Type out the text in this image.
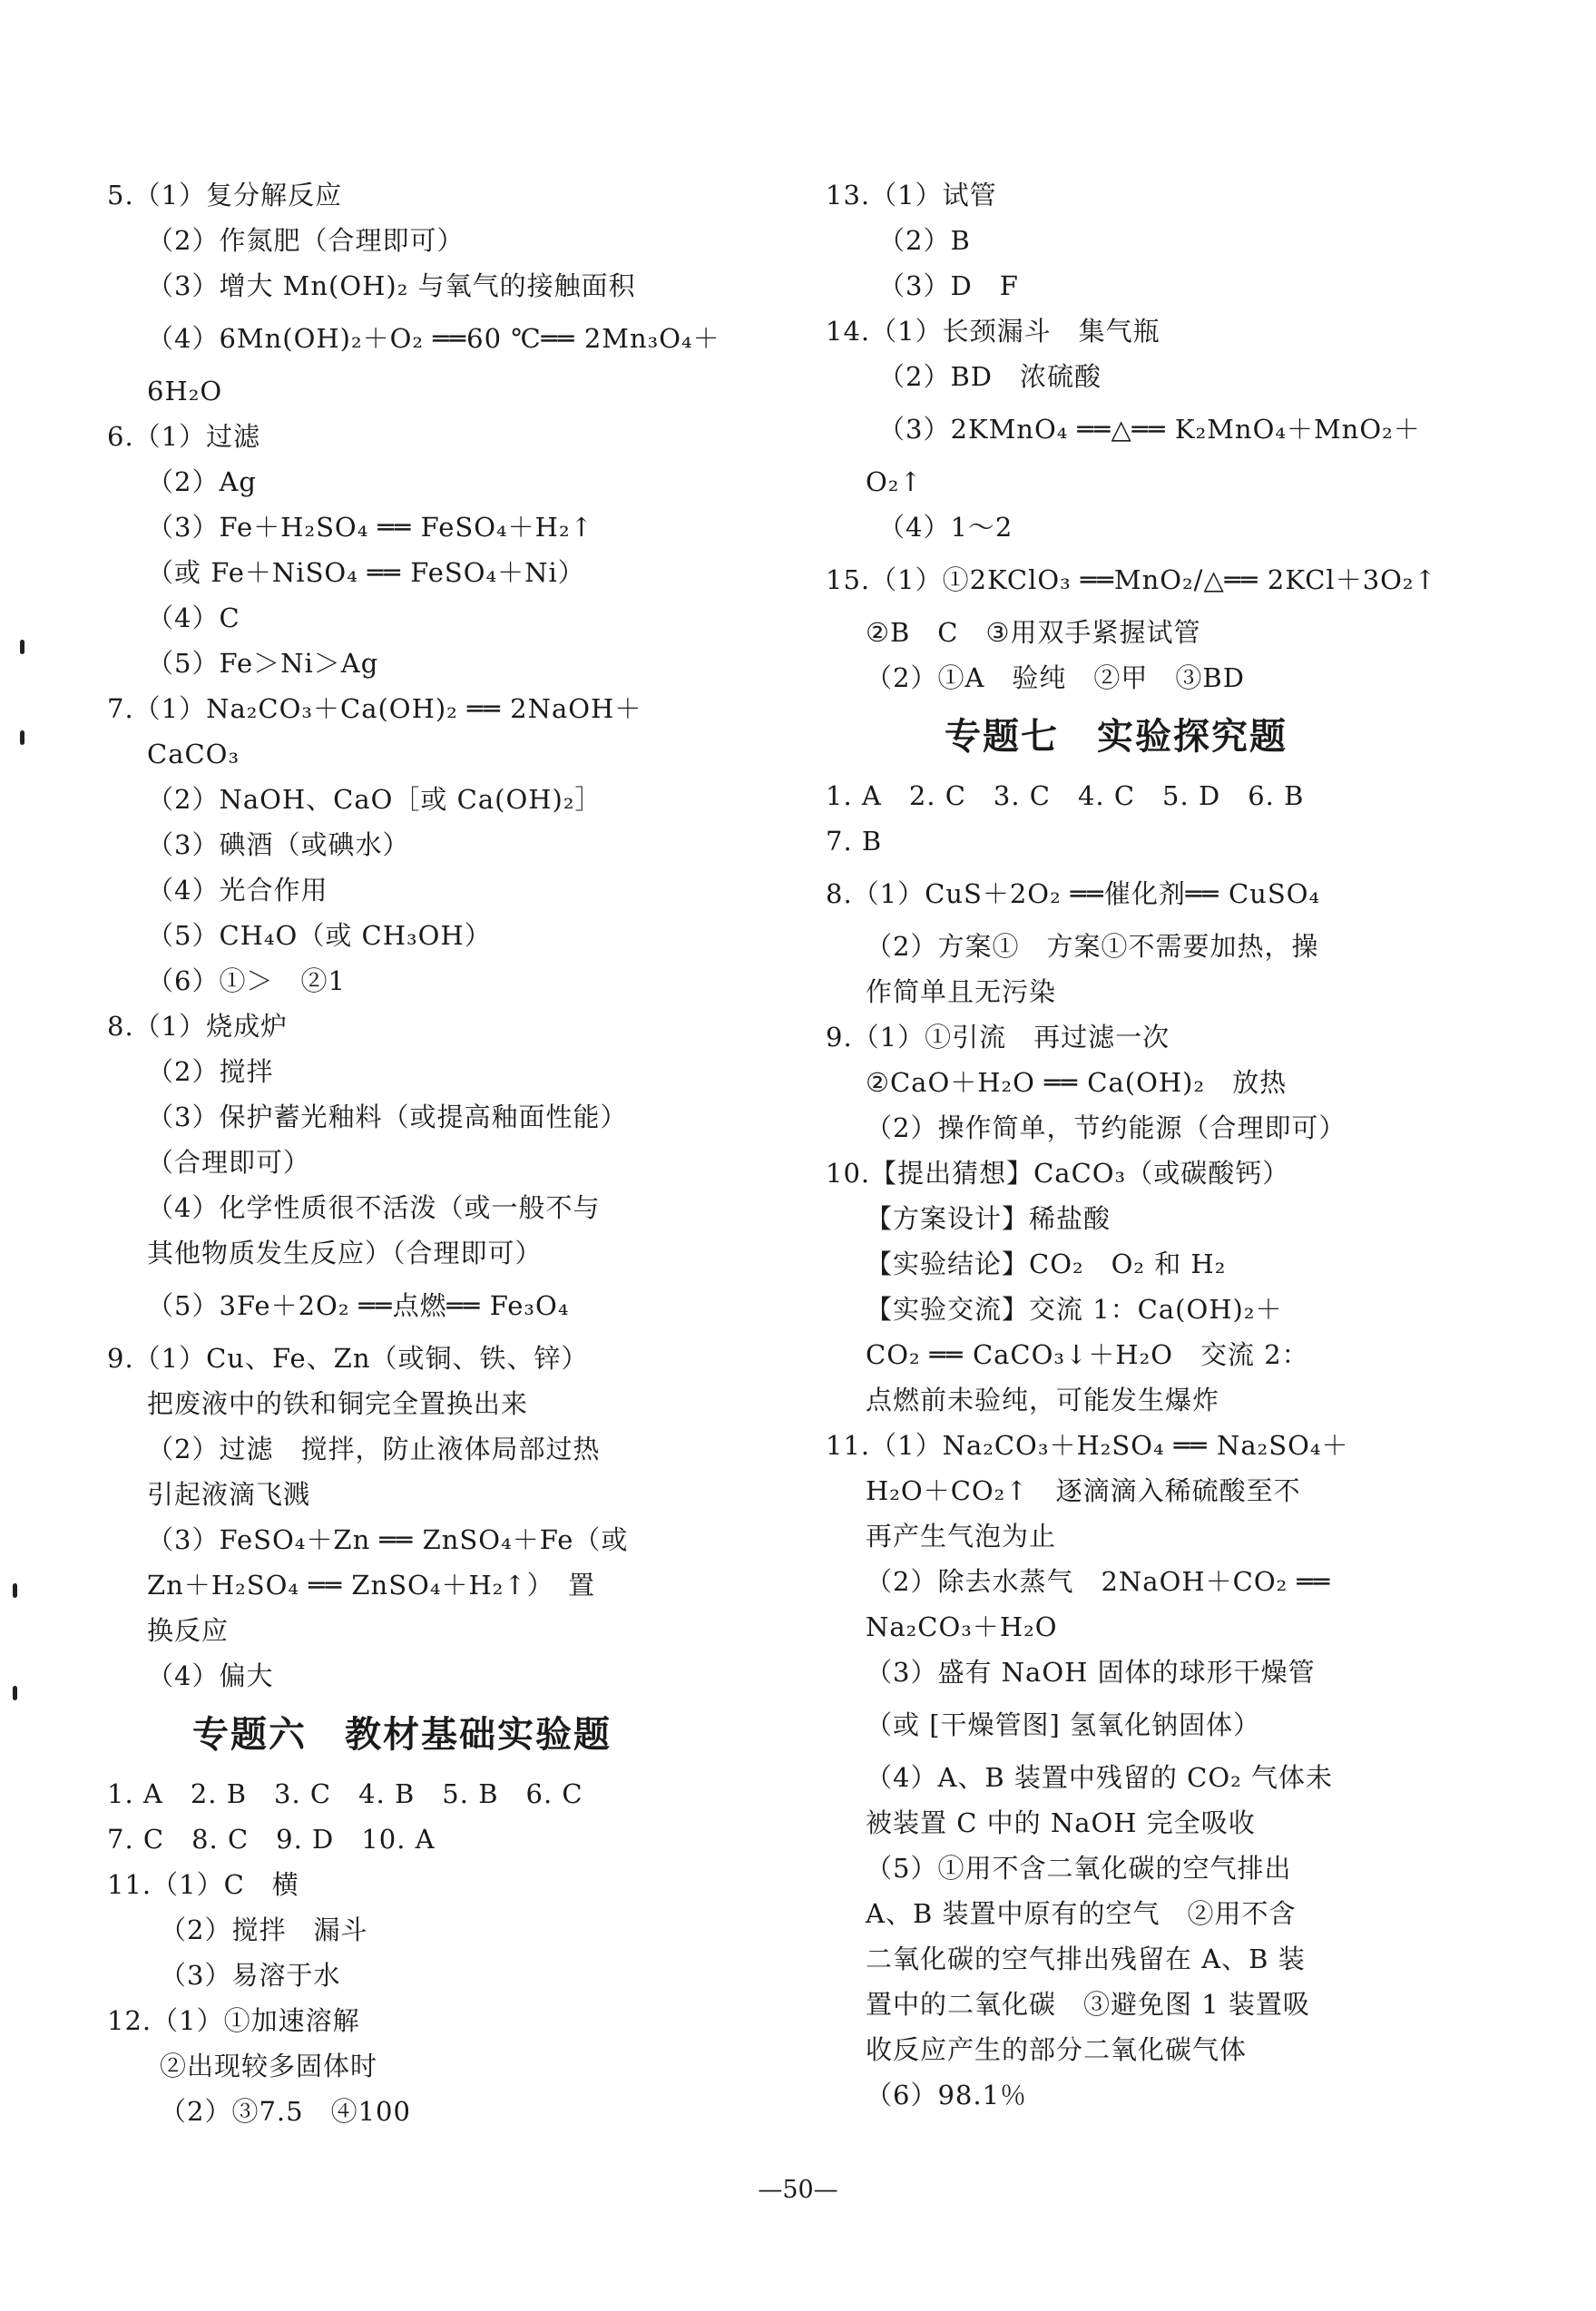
5.（1）复分解反应
（2）作氮肥（合理即可）
（3）增大 Mn(OH)₂ 与氧气的接触面积
（4）6Mn(OH)₂＋O₂ ══60 ℃══ 2Mn₃O₄＋
6H₂O
6.（1）过滤
（2）Ag
（3）Fe＋H₂SO₄ ══ FeSO₄＋H₂↑
（或 Fe＋NiSO₄ ══ FeSO₄＋Ni）
（4）C
（5）Fe＞Ni＞Ag
7.（1）Na₂CO₃＋Ca(OH)₂ ══ 2NaOH＋
CaCO₃
（2）NaOH、CaO［或 Ca(OH)₂］
（3）碘酒（或碘水）
（4）光合作用
（5）CH₄O（或 CH₃OH）
（6）①＞　②1
8.（1）烧成炉
（2）搅拌
（3）保护蓄光釉料（或提高釉面性能）
（合理即可）
（4）化学性质很不活泼（或一般不与
其他物质发生反应）（合理即可）
（5）3Fe＋2O₂ ══点燃══ Fe₃O₄
9.（1）Cu、Fe、Zn（或铜、铁、锌）
把废液中的铁和铜完全置换出来
（2）过滤　搅拌，防止液体局部过热
引起液滴飞溅
（3）FeSO₄＋Zn ══ ZnSO₄＋Fe（或
Zn＋H₂SO₄ ══ ZnSO₄＋H₂↑）　置
换反应
（4）偏大
专题六　教材基础实验题
1. A　2. B　3. C　4. B　5. B　6. C
7. C　8. C　9. D　10. A
11.（1）C　横
（2）搅拌　漏斗
（3）易溶于水
12.（1）①加速溶解
②出现较多固体时
（2）③7.5　④100
13.（1）试管
（2）B
（3）D　F
14.（1）长颈漏斗　集气瓶
（2）BD　浓硫酸
（3）2KMnO₄ ══△══ K₂MnO₄＋MnO₂＋
O₂↑
（4）1～2
15.（1）①2KClO₃ ══MnO₂/△══ 2KCl＋3O₂↑
②B　C　③用双手紧握试管
（2）①A　验纯　②甲　③BD
专题七　实验探究题
1. A　2. C　3. C　4. C　5. D　6. B
7. B
8.（1）CuS＋2O₂ ══催化剂══ CuSO₄
（2）方案①　方案①不需要加热，操
作简单且无污染
9.（1）①引流　再过滤一次
②CaO＋H₂O ══ Ca(OH)₂　放热
（2）操作简单，节约能源（合理即可）
10.【提出猜想】CaCO₃（或碳酸钙）
【方案设计】稀盐酸
【实验结论】CO₂　O₂ 和 H₂
【实验交流】交流 1：Ca(OH)₂＋
CO₂ ══ CaCO₃↓＋H₂O　交流 2：
点燃前未验纯，可能发生爆炸
11.（1）Na₂CO₃＋H₂SO₄ ══ Na₂SO₄＋
H₂O＋CO₂↑　逐滴滴入稀硫酸至不
再产生气泡为止
（2）除去水蒸气　2NaOH＋CO₂ ══
Na₂CO₃＋H₂O
（3）盛有 NaOH 固体的球形干燥管
（或 [干燥管图] 氢氧化钠固体）
（4）A、B 装置中残留的 CO₂ 气体未
被装置 C 中的 NaOH 完全吸收
（5）①用不含二氧化碳的空气排出
A、B 装置中原有的空气　②用不含
二氧化碳的空气排出残留在 A、B 装
置中的二氧化碳　③避免图 1 装置吸
收反应产生的部分二氧化碳气体
（6）98.1％
—50—
